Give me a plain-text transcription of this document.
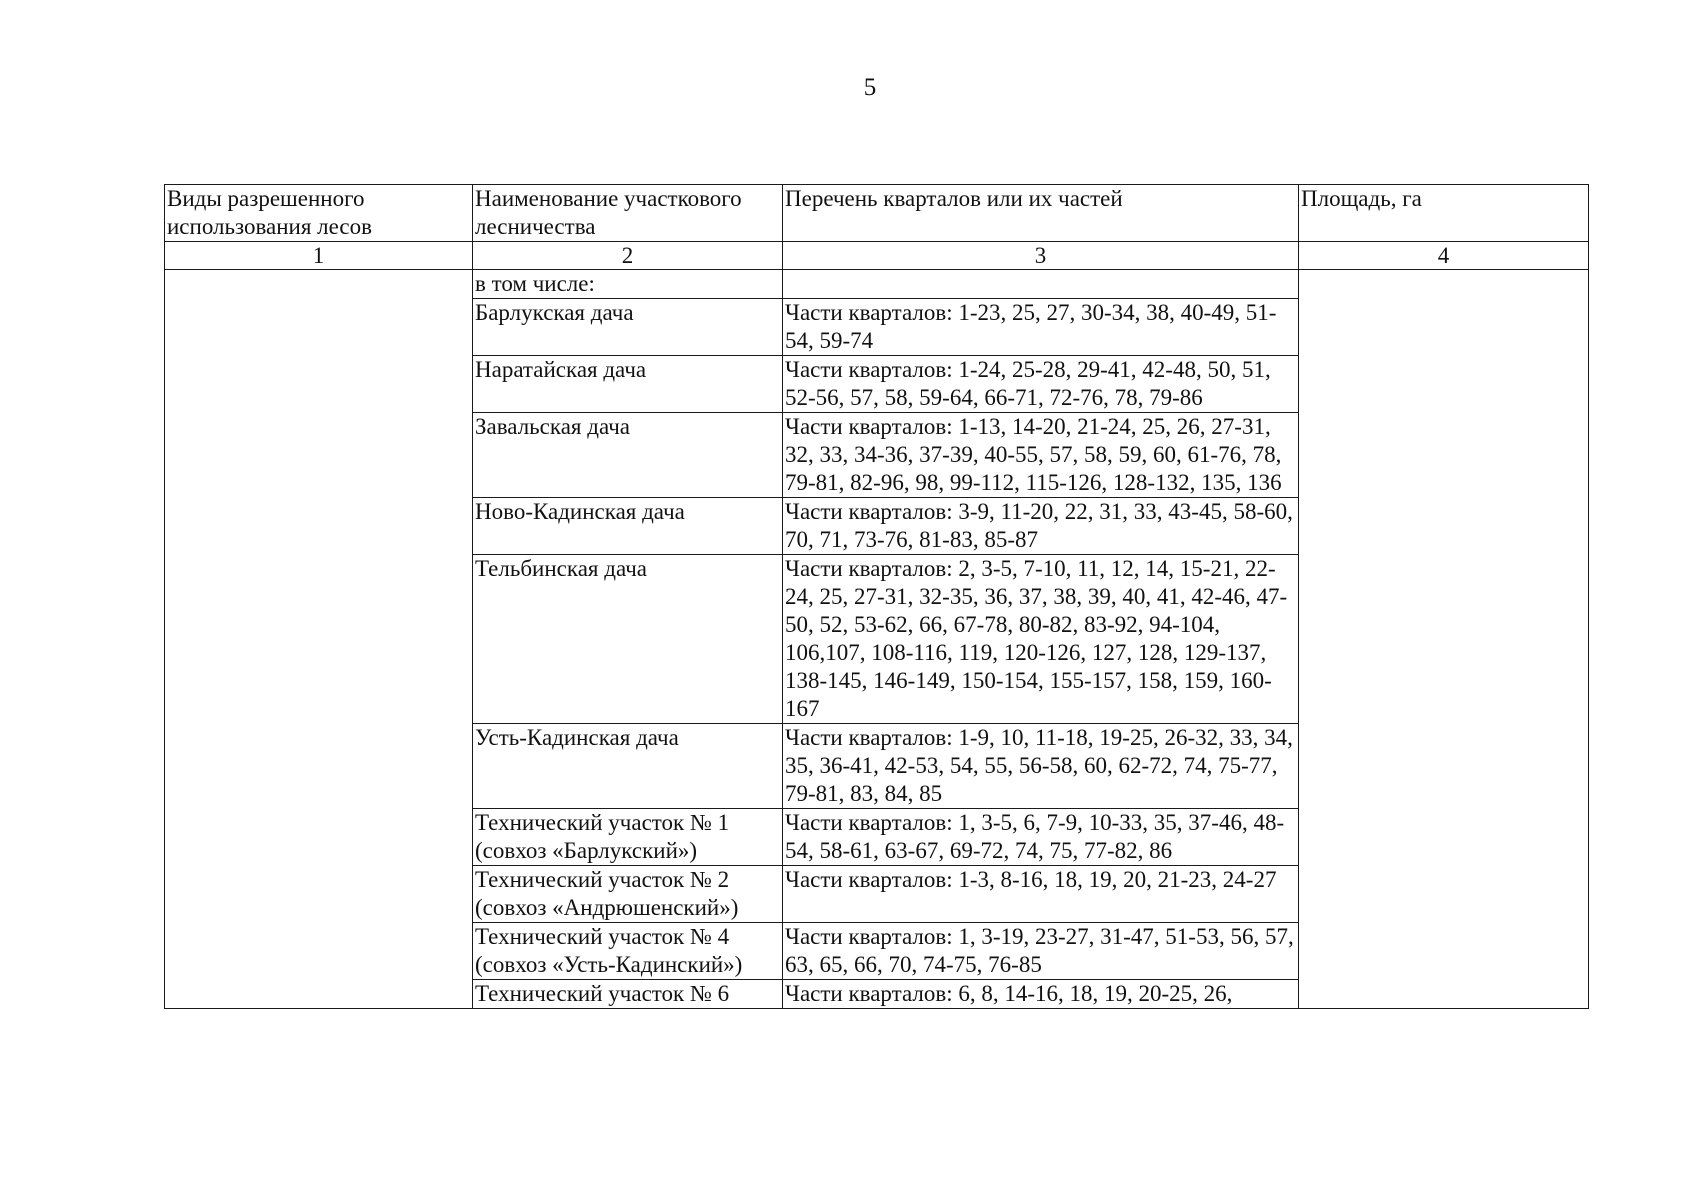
5
Виды разрешенного использования лесов	Наименование участкового лесничества	Перечень кварталов или их частей	Площадь, га
1	2	3	4
	в том числе:		
	Барлукская дача	Части кварталов: 1-23, 25, 27, 30-34, 38, 40-49, 51-54, 59-74	
	Наратайская дача	Части кварталов: 1-24, 25-28, 29-41, 42-48, 50, 51, 52-56, 57, 58, 59-64, 66-71, 72-76, 78, 79-86	
	Завальская дача	Части кварталов: 1-13, 14-20, 21-24, 25, 26, 27-31, 32, 33, 34-36, 37-39, 40-55, 57, 58, 59, 60, 61-76, 78, 79-81, 82-96, 98, 99-112, 115-126, 128-132, 135, 136	
	Ново-Кадинская дача	Части кварталов: 3-9, 11-20, 22, 31, 33, 43-45, 58-60, 70, 71, 73-76, 81-83, 85-87	
	Тельбинская дача	Части кварталов: 2, 3-5, 7-10, 11, 12, 14, 15-21, 22-24, 25, 27-31, 32-35, 36, 37, 38, 39, 40, 41, 42-46, 47-50, 52, 53-62, 66, 67-78, 80-82, 83-92, 94-104, 106,107, 108-116, 119, 120-126, 127, 128, 129-137, 138-145, 146-149, 150-154, 155-157, 158, 159, 160-167	
	Усть-Кадинская дача	Части кварталов: 1-9, 10, 11-18, 19-25, 26-32, 33, 34, 35, 36-41, 42-53, 54, 55, 56-58, 60, 62-72, 74, 75-77, 79-81, 83, 84, 85	
	Технический участок № 1 (совхоз «Барлукский»)	Части кварталов: 1, 3-5, 6, 7-9, 10-33, 35, 37-46, 48-54, 58-61, 63-67, 69-72, 74, 75, 77-82, 86	
	Технический участок № 2 (совхоз «Андрюшенский»)	Части кварталов: 1-3, 8-16, 18, 19, 20, 21-23, 24-27	
	Технический участок № 4 (совхоз «Усть-Кадинский»)	Части кварталов: 1, 3-19, 23-27, 31-47, 51-53, 56, 57, 63, 65, 66, 70, 74-75, 76-85	
	Технический участок № 6	Части кварталов: 6, 8, 14-16, 18, 19, 20-25, 26,	
